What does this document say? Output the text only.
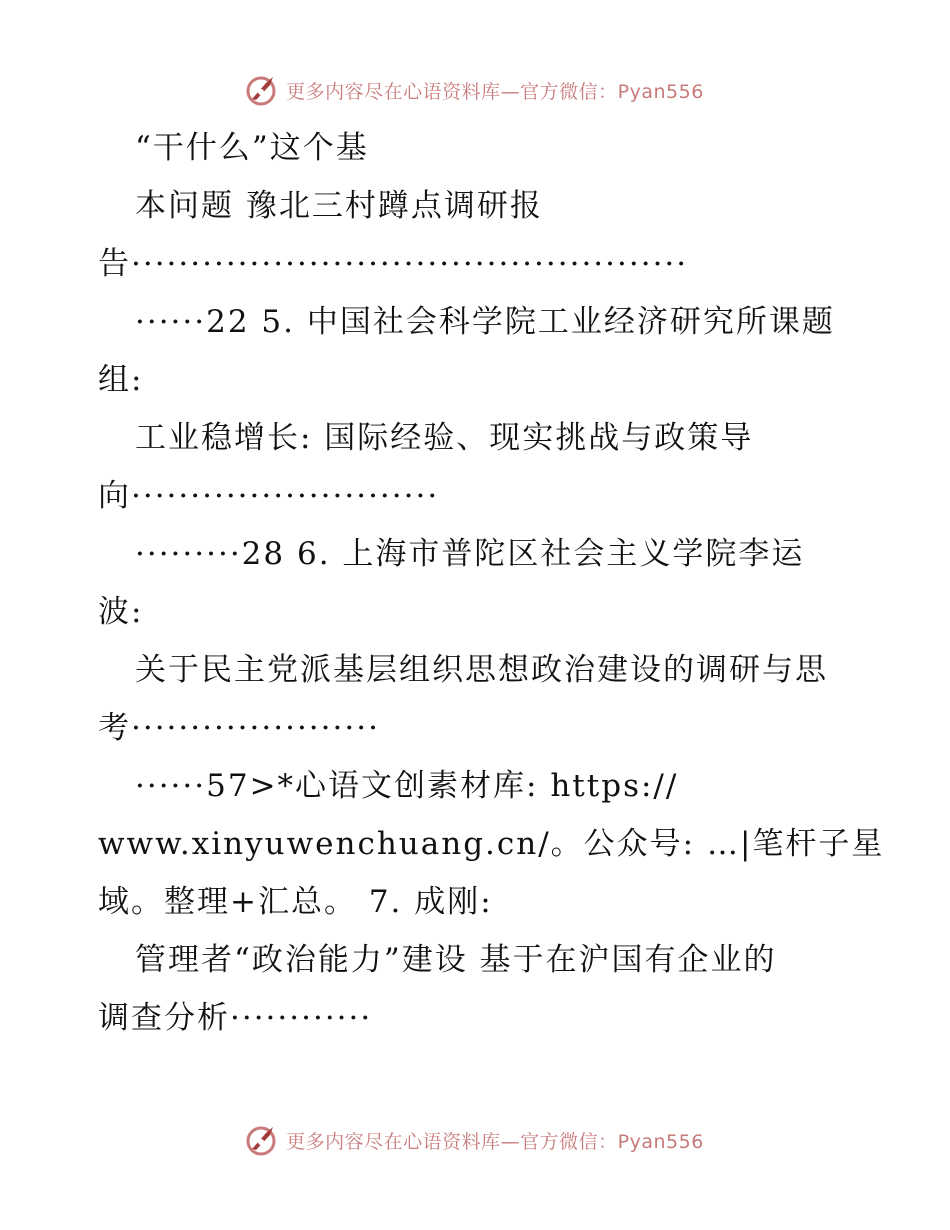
更多内容尽在心语资料库—官方微信：Pyan556
“干什么”这个基
本问题 豫北三村蹲点调研报
告···············································
······22 5. 中国社会科学院工业经济研究所课题
组:
工业稳增长: 国际经验、现实挑战与政策导
向··························
·········28 6. 上海市普陀区社会主义学院李运
波:
关于民主党派基层组织思想政治建设的调研与思
考·····················
······57>*心语文创素材库: https://
www.xinyuwenchuang.cn/。公众号: …|笔杆子星
域。整理+汇总。 7. 成刚:
管理者“政治能力”建设 基于在沪国有企业的
调查分析············
更多内容尽在心语资料库—官方微信：Pyan556
